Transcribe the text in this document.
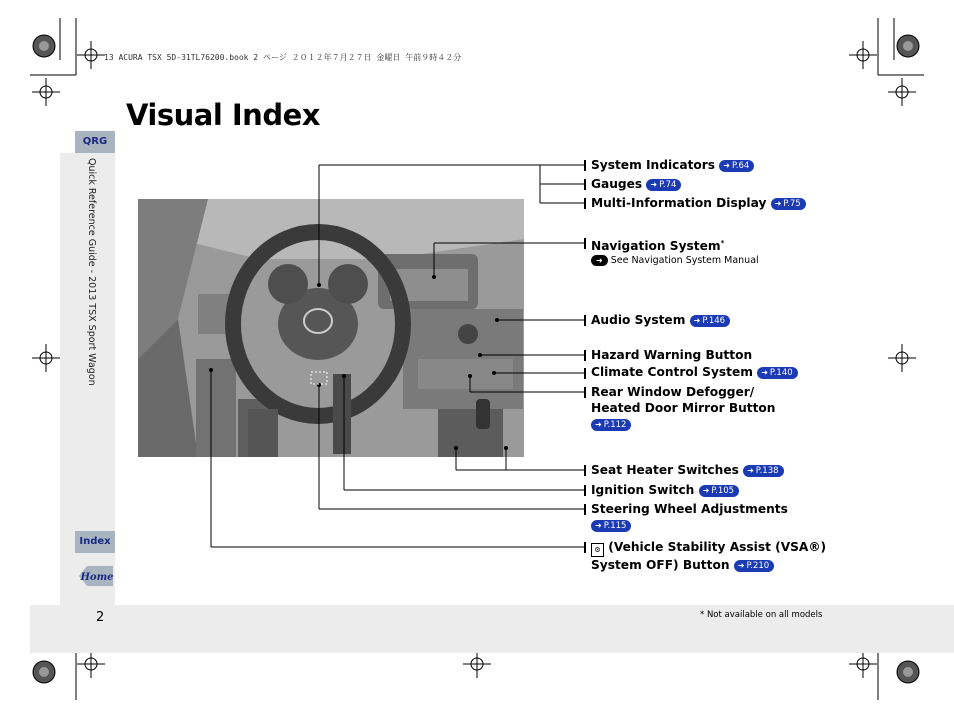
13 ACURA TSX 5D-31TL76200.book 2 ページ ２０１２年７月２７日 金曜日 午前９時４２分
QRG
Quick Reference Guide - 2013 TSX Sport Wagon
Index
Home
Visual Index
System Indicators ➜ P.64
Gauges ➜ P.74
Multi-Information Display ➜ P.75
Navigation System*
➜ See Navigation System Manual
Audio System ➜ P.146
Hazard Warning Button
Climate Control System ➜ P.140
Rear Window Defogger/
Heated Door Mirror Button
➜ P.112
Seat Heater Switches ➜ P.138
Ignition Switch ➜ P.105
Steering Wheel Adjustments
➜ P.115
⚙ (Vehicle Stability Assist (VSA®)
System OFF) Button ➜ P.210
2	* Not available on all models
